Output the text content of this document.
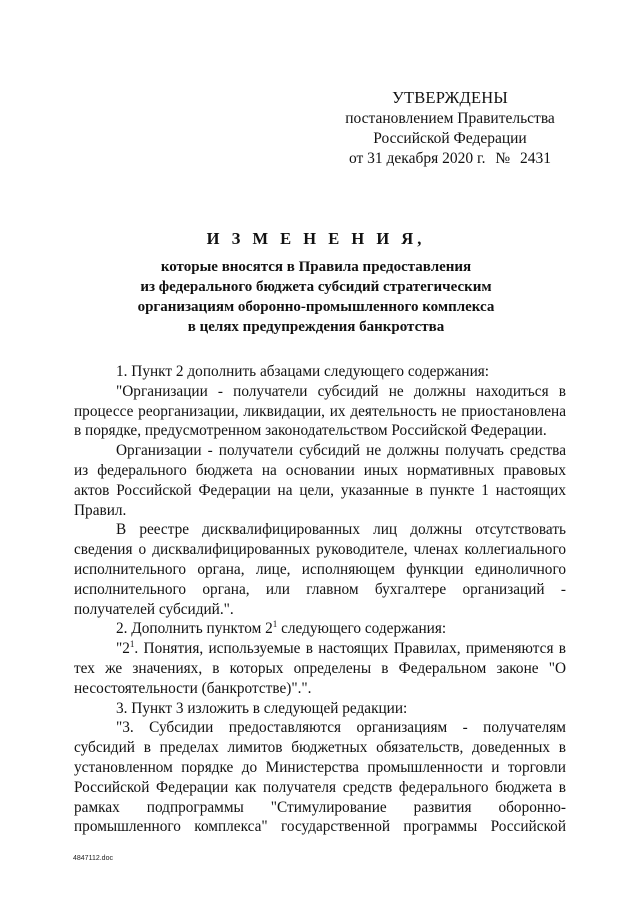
УТВЕРЖДЕНЫ
постановлением Правительства
Российской Федерации
от 31 декабря 2020 г. № 2431
И З М Е Н Е Н И Я,
которые вносятся в Правила предоставления
из федерального бюджета субсидий стратегическим
организациям оборонно-промышленного комплекса
в целях предупреждения банкротства

1. Пункт 2 дополнить абзацами следующего содержания:

"Организации - получатели субсидий не должны находиться в процессе реорганизации, ликвидации, их деятельность не приостановлена в порядке, предусмотренном законодательством Российской Федерации.

Организации - получатели субсидий не должны получать средства из федерального бюджета на основании иных нормативных правовых актов Российской Федерации на цели, указанные в пункте 1 настоящих Правил.

В реестре дисквалифицированных лиц должны отсутствовать сведения о дисквалифицированных руководителе, членах коллегиального исполнительного органа, лице, исполняющем функции единоличного исполнительного органа, или главном бухгалтере организаций - получателей субсидий.".

2. Дополнить пунктом $2^1$ следующего содержания:

"$2^1$. Понятия, используемые в настоящих Правилах, применяются в тех же значениях, в которых определены в Федеральном законе "О несостоятельности (банкротстве)".".

3. Пункт 3 изложить в следующей редакции:

"3. Субсидии предоставляются организациям - получателям субсидий в пределах лимитов бюджетных обязательств, доведенных в установленном порядке до Министерства промышленности и торговли Российской Федерации как получателя средств федерального бюджета в рамках подпрограммы "Стимулирование развития оборонно-промышленного комплекса" государственной программы Российской

4847112.doc
